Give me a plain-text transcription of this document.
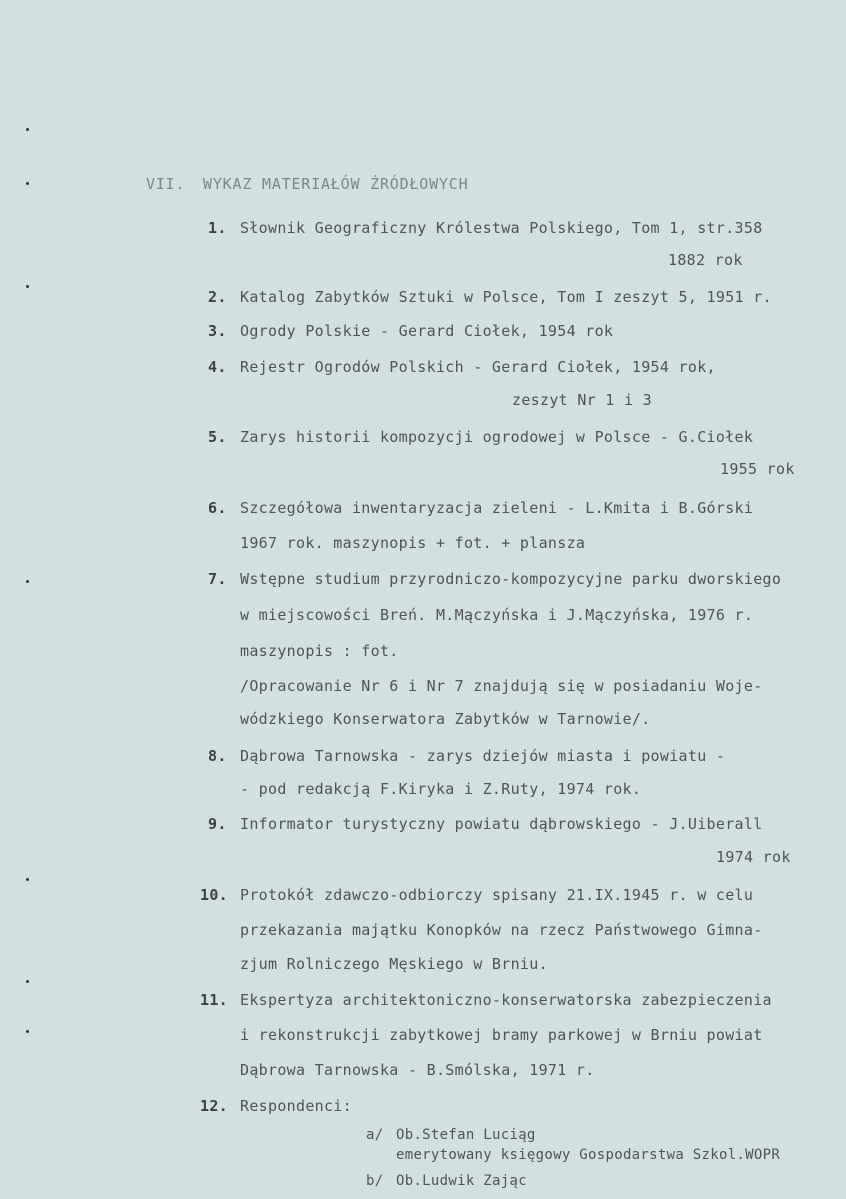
VII. WYKAZ MATERIAŁÓW ŹRÓDŁOWYCH
1. Słownik Geograficzny Królestwa Polskiego, Tom 1, str.358
1882 rok
2. Katalog Zabytków Sztuki w Polsce, Tom I zeszyt 5, 1951 r.
3. Ogrody Polskie - Gerard Ciołek, 1954 rok
4. Rejestr Ogrodów Polskich - Gerard Ciołek, 1954 rok,
zeszyt Nr 1 i 3
5. Zarys historii kompozycji ogrodowej w Polsce - G.Ciołek
1955 rok
6. Szczegółowa inwentaryzacja zieleni - L.Kmita i B.Górski
1967 rok. maszynopis + fot. + plansza
7. Wstępne studium przyrodniczo-kompozycyjne parku dworskiego
w miejscowości Breń. M.Mączyńska i J.Mączyńska, 1976 r.
maszynopis : fot.
/Opracowanie Nr 6 i Nr 7 znajdują się w posiadaniu Woje-
wódzkiego Konserwatora Zabytków w Tarnowie/.
8. Dąbrowa Tarnowska - zarys dziejów miasta i powiatu -
- pod redakcją F.Kiryka i Z.Ruty, 1974 rok.
9. Informator turystyczny powiatu dąbrowskiego - J.Uiberall
1974 rok
10. Protokół zdawczo-odbiorczy spisany 21.IX.1945 r. w celu
przekazania majątku Konopków na rzecz Państwowego Gimna-
zjum Rolniczego Męskiego w Brniu.
11. Ekspertyza architektoniczno-konserwatorska zabezpieczenia
i rekonstrukcji zabytkowej bramy parkowej w Brniu powiat
Dąbrowa Tarnowska - B.Smólska, 1971 r.
12. Respondenci:
a/ Ob.Stefan Luciąg
emerytowany księgowy Gospodarstwa Szkol.WOPR
b/ Ob.Ludwik Zając
